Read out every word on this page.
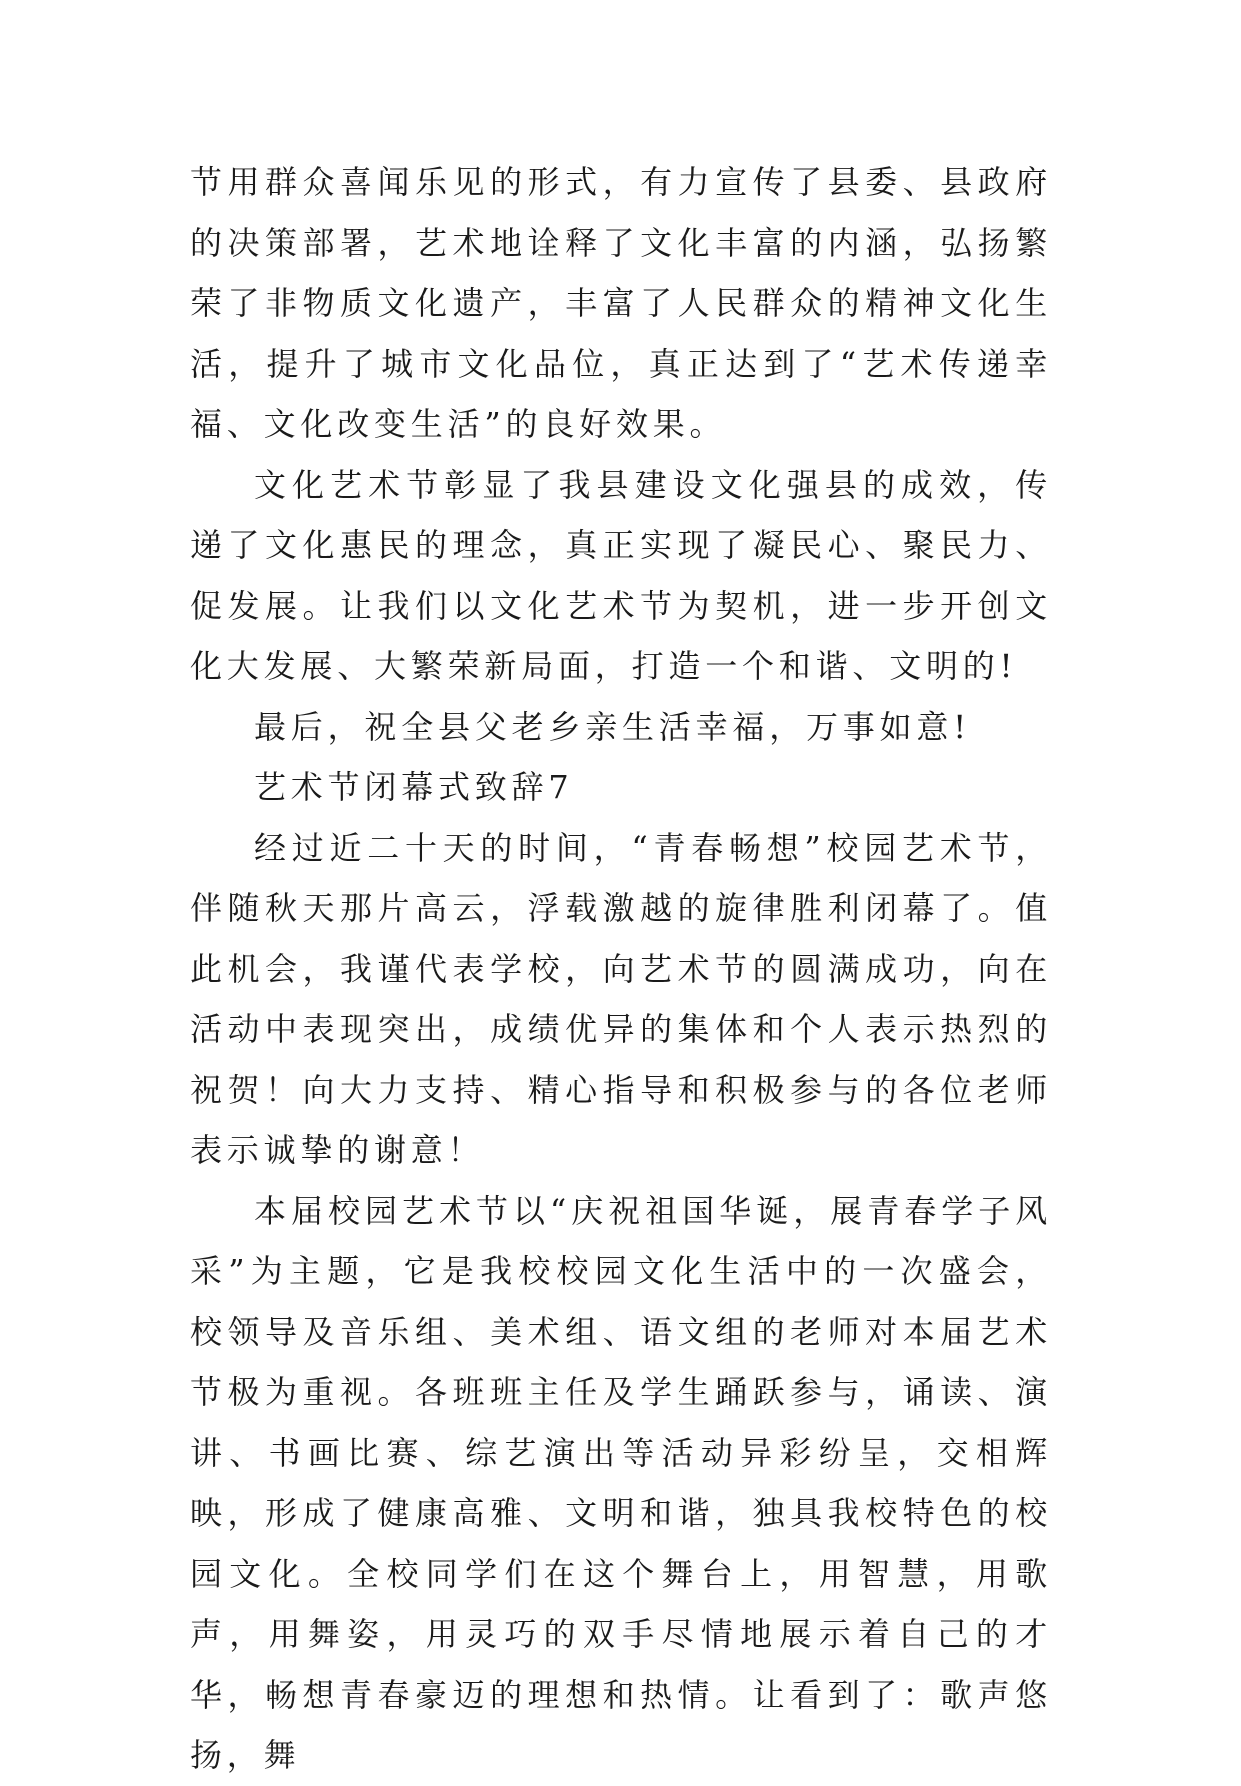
节用群众喜闻乐见的形式，有力宣传了县委、县政府的决策部署，艺术地诠释了文化丰富的内涵，弘扬繁荣了非物质文化遗产，丰富了人民群众的精神文化生活，提升了城市文化品位，真正达到了“艺术传递幸福、文化改变生活”的良好效果。

文化艺术节彰显了我县建设文化强县的成效，传递了文化惠民的理念，真正实现了凝民心、聚民力、促发展。让我们以文化艺术节为契机，进一步开创文化大发展、大繁荣新局面，打造一个和谐、文明的!

最后，祝全县父老乡亲生活幸福，万事如意!

艺术节闭幕式致辞7

经过近二十天的时间，“青春畅想”校园艺术节，伴随秋天那片高云，浮载激越的旋律胜利闭幕了。值此机会，我谨代表学校，向艺术节的圆满成功，向在活动中表现突出，成绩优异的集体和个人表示热烈的祝贺！向大力支持、精心指导和积极参与的各位老师表示诚挚的谢意！

本届校园艺术节以“庆祝祖国华诞，展青春学子风采”为主题，它是我校校园文化生活中的一次盛会，校领导及音乐组、美术组、语文组的老师对本届艺术节极为重视。各班班主任及学生踊跃参与，诵读、演讲、书画比赛、综艺演出等活动异彩纷呈，交相辉映，形成了健康高雅、文明和谐，独具我校特色的校园文化。全校同学们在这个舞台上，用智慧，用歌声，用舞姿，用灵巧的双手尽情地展示着自己的才华，畅想青春豪迈的理想和热情。让看到了：歌声悠扬，舞
